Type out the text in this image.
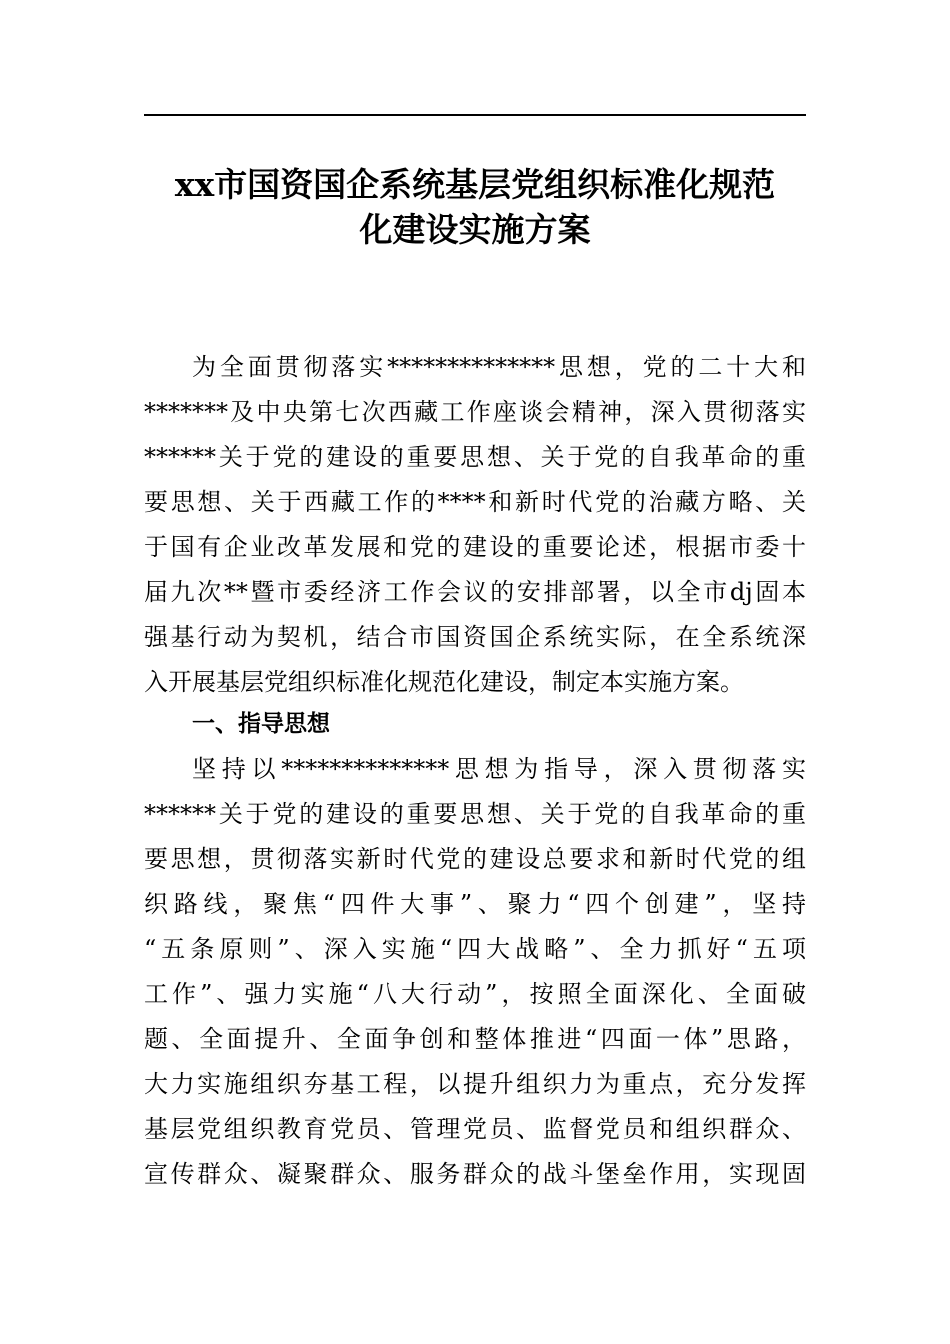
xx市国资国企系统基层党组织标准化规范
化建设实施方案
为全面贯彻落实**************思想，党的二十大和
*******及中央第七次西藏工作座谈会精神，深入贯彻落实
******关于党的建设的重要思想、关于党的自我革命的重
要思想、关于西藏工作的****和新时代党的治藏方略、关
于国有企业改革发展和党的建设的重要论述，根据市委十
届九次**暨市委经济工作会议的安排部署，以全市dj固本
强基行动为契机，结合市国资国企系统实际，在全系统深
入开展基层党组织标准化规范化建设，制定本实施方案。
一、指导思想
坚持以**************思想为指导，深入贯彻落实
******关于党的建设的重要思想、关于党的自我革命的重
要思想，贯彻落实新时代党的建设总要求和新时代党的组
织路线，聚焦“四件大事”、聚力“四个创建”，坚持
“五条原则”、深入实施“四大战略”、全力抓好“五项
工作”、强力实施“八大行动”，按照全面深化、全面破
题、全面提升、全面争创和整体推进“四面一体”思路，
大力实施组织夯基工程，以提升组织力为重点，充分发挥
基层党组织教育党员、管理党员、监督党员和组织群众、
宣传群众、凝聚群众、服务群众的战斗堡垒作用，实现固
